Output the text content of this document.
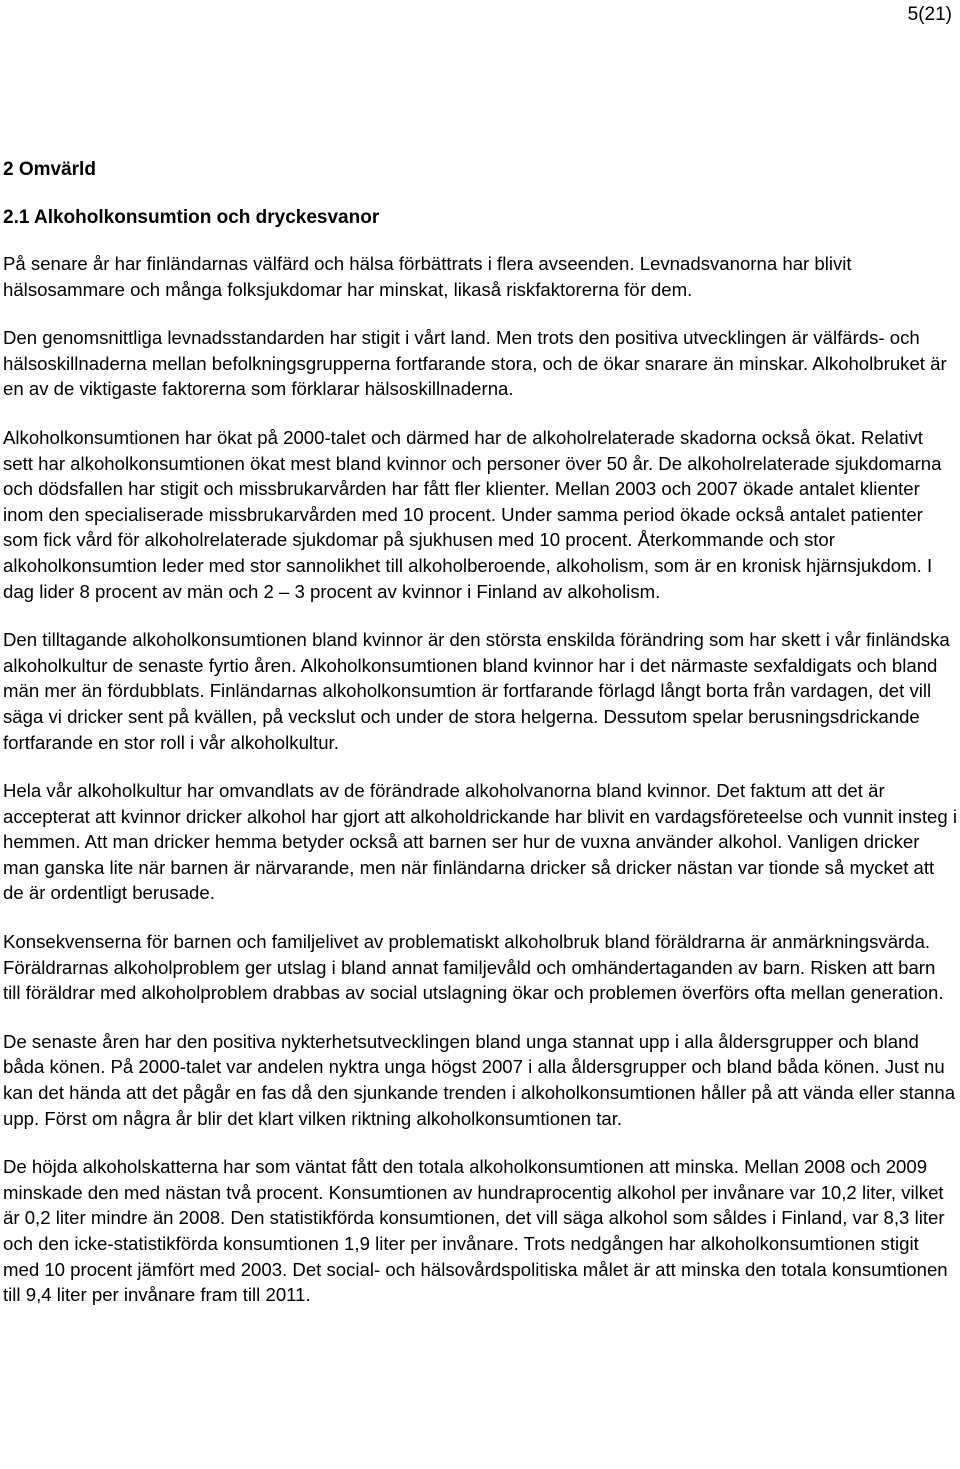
5(21)
2 Omvärld
2.1 Alkoholkonsumtion och dryckesvanor

På senare år har finländarnas välfärd och hälsa förbättrats i flera avseenden. Levnadsvanorna har blivit hälsosammare och många folksjukdomar har minskat, likaså riskfaktorerna för dem.

Den genomsnittliga levnadsstandarden har stigit i vårt land. Men trots den positiva utvecklingen är välfärds- och hälsoskillnaderna mellan befolkningsgrupperna fortfarande stora, och de ökar snarare än minskar. Alkoholbruket är en av de viktigaste faktorerna som förklarar hälsoskillnaderna.

Alkoholkonsumtionen har ökat på 2000-talet och därmed har de alkoholrelaterade skadorna också ökat. Relativt sett har alkoholkonsumtionen ökat mest bland kvinnor och personer över 50 år. De alkoholrelaterade sjukdomarna och dödsfallen har stigit och missbrukarvården har fått fler klienter. Mellan 2003 och 2007 ökade antalet klienter inom den specialiserade missbrukarvården med 10 procent. Under samma period ökade också antalet patienter som fick vård för alkoholrelaterade sjukdomar på sjukhusen med 10 procent. Återkommande och stor alkoholkonsumtion leder med stor sannolikhet till alkoholberoende, alkoholism, som är en kronisk hjärnsjukdom. I dag lider 8 procent av män och 2 – 3 procent av kvinnor i Finland av alkoholism.

Den tilltagande alkoholkonsumtionen bland kvinnor är den största enskilda förändring som har skett i vår finländska alkoholkultur de senaste fyrtio åren. Alkoholkonsumtionen bland kvinnor har i det närmaste sexfaldigats och bland män mer än fördubblats. Finländarnas alkoholkonsumtion är fortfarande förlagd långt borta från vardagen, det vill säga vi dricker sent på kvällen, på veckslut och under de stora helgerna. Dessutom spelar berusningsdrickande fortfarande en stor roll i vår alkoholkultur.

Hela vår alkoholkultur har omvandlats av de förändrade alkoholvanorna bland kvinnor. Det faktum att det är accepterat att kvinnor dricker alkohol har gjort att alkoholdrickande har blivit en vardagsföreteelse och vunnit insteg i hemmen. Att man dricker hemma betyder också att barnen ser hur de vuxna använder alkohol. Vanligen dricker man ganska lite när barnen är närvarande, men när finländarna dricker så dricker nästan var tionde så mycket att de är ordentligt berusade.

Konsekvenserna för barnen och familjelivet av problematiskt alkoholbruk bland föräldrarna är anmärkningsvärda. Föräldrarnas alkoholproblem ger utslag i bland annat familjevåld och omhändertaganden av barn. Risken att barn till föräldrar med alkoholproblem drabbas av social utslagning ökar och problemen överförs ofta mellan generation.

De senaste åren har den positiva nykterhetsutvecklingen bland unga stannat upp i alla åldersgrupper och bland båda könen. På 2000-talet var andelen nyktra unga högst 2007 i alla åldersgrupper och bland båda könen. Just nu kan det hända att det pågår en fas då den sjunkande trenden i alkoholkonsumtionen håller på att vända eller stanna upp. Först om några år blir det klart vilken riktning alkoholkonsumtionen tar.

De höjda alkoholskatterna har som väntat fått den totala alkoholkonsumtionen att minska. Mellan 2008 och 2009 minskade den med nästan två procent. Konsumtionen av hundraprocentig alkohol per invånare var 10,2 liter, vilket är 0,2 liter mindre än 2008. Den statistikförda konsumtionen, det vill säga alkohol som såldes i Finland, var 8,3 liter och den icke-statistikförda konsumtionen 1,9 liter per invånare. Trots nedgången har alkoholkonsumtionen stigit med 10 procent jämfört med 2003. Det social- och hälsovårdspolitiska målet är att minska den totala konsumtionen till 9,4 liter per invånare fram till 2011.
